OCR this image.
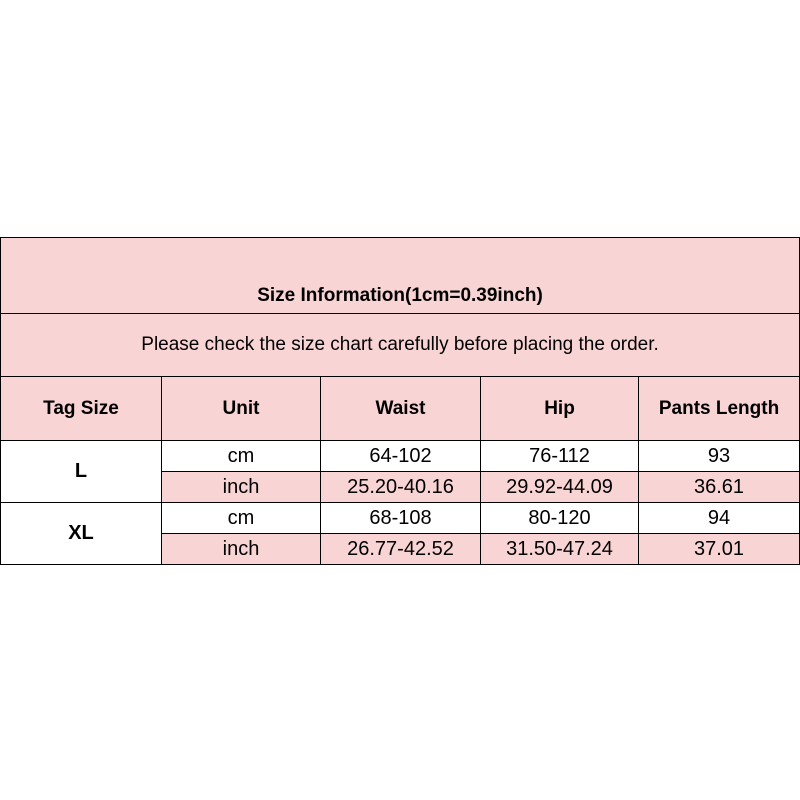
Size Information(1cm=0.39inch)				
Please check the size chart carefully before placing the order.				
Tag Size	Unit	Waist	Hip	Pants Length
L	cm	64-102	76-112	93
	inch	25.20-40.16	29.92-44.09	36.61
XL	cm	68-108	80-120	94
	inch	26.77-42.52	31.50-47.24	37.01
